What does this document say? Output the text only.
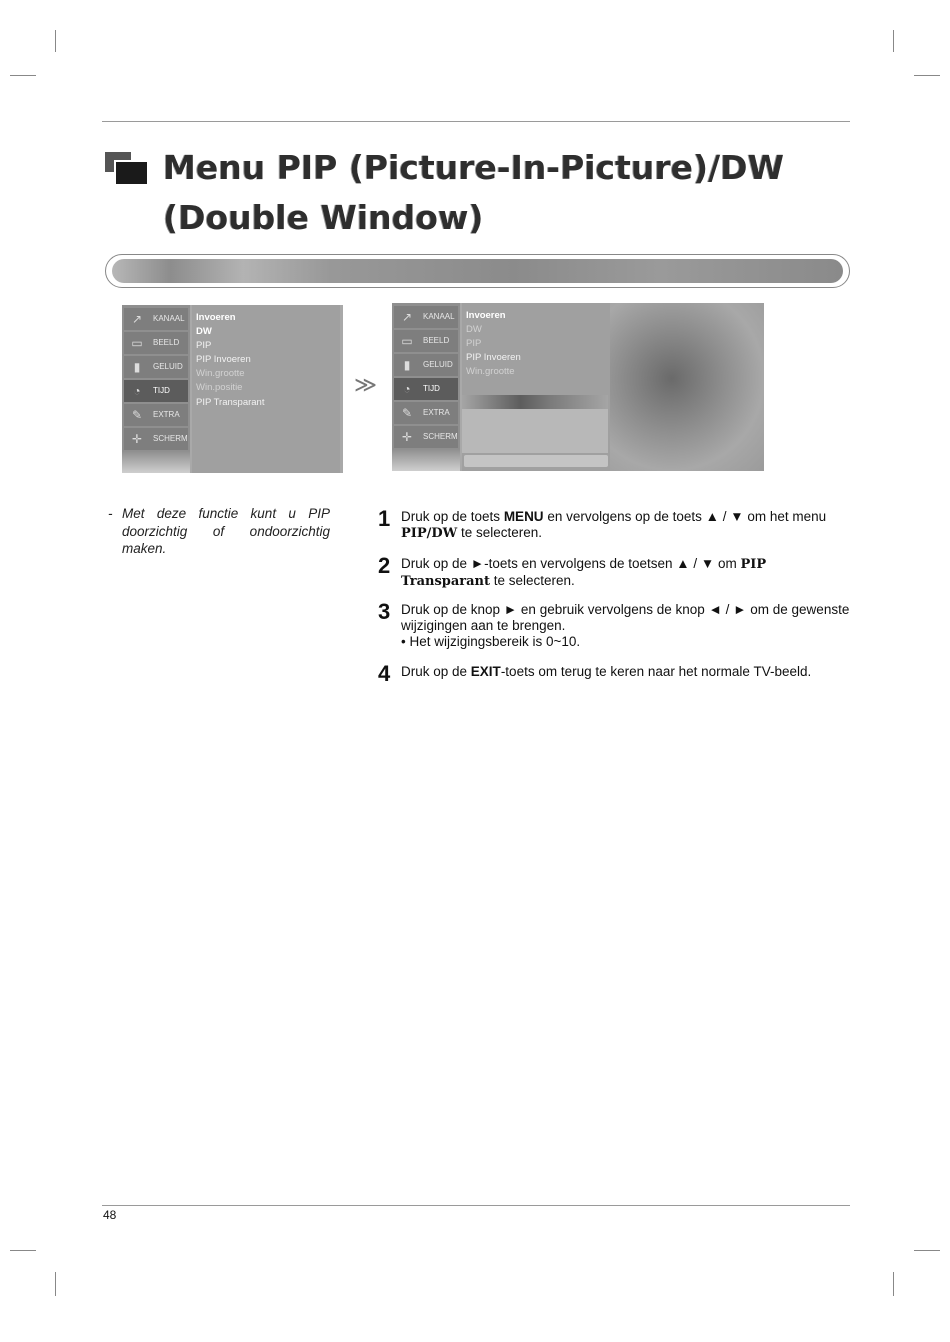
Menu PIP (Picture-In-Picture)/DW
(Double Window)
↗ KANAAL
▭ BEELD
▮	GELUID
◔	TIJD
✎ EXTRA
✛ SCHERM
Invoeren
DW
PIP
PIP Invoeren
Win.grootte
Win.positie
PIP Transparant
≫
↗ KANAAL
▭ BEELD
▮	GELUID
◔	TIJD
✎ EXTRA
✛ SCHERM
Invoeren
DW
PIP
PIP Invoeren
Win.grootte
- Met deze functie kunt u PIP doorzichtig of ondoorzichtig maken.
1 Druk op de toets MENU en vervolgens op de toets ▲ / ▼ om het menu PIP/DW te selecteren.
2 Druk op de ►-toets en vervolgens de toetsen ▲ / ▼ om PIP Transparant te selecteren.
3 Druk op de knop ► en gebruik vervolgens de knop ◄ / ► om de gewenste wijzigingen aan te brengen.
• Het wijzigingsbereik is 0~10.
4 Druk op de EXIT-toets om terug te keren naar het normale TV-beeld.
48
